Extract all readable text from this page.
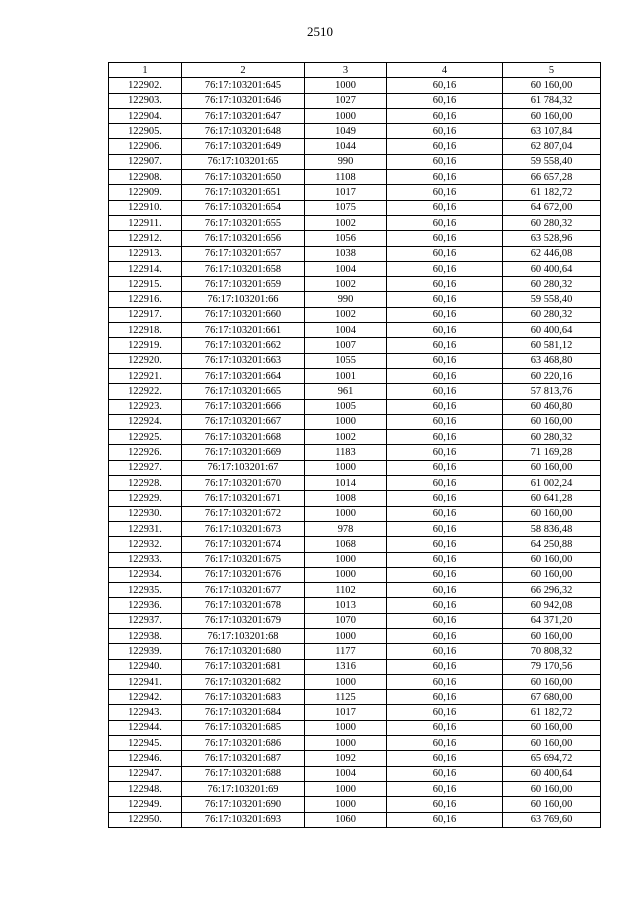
2510
1	2	3	4	5
122902.	76:17:103201:645	1000	60,16	60 160,00
122903.	76:17:103201:646	1027	60,16	61 784,32
122904.	76:17:103201:647	1000	60,16	60 160,00
122905.	76:17:103201:648	1049	60,16	63 107,84
122906.	76:17:103201:649	1044	60,16	62 807,04
122907.	76:17:103201:65	990	60,16	59 558,40
122908.	76:17:103201:650	1108	60,16	66 657,28
122909.	76:17:103201:651	1017	60,16	61 182,72
122910.	76:17:103201:654	1075	60,16	64 672,00
122911.	76:17:103201:655	1002	60,16	60 280,32
122912.	76:17:103201:656	1056	60,16	63 528,96
122913.	76:17:103201:657	1038	60,16	62 446,08
122914.	76:17:103201:658	1004	60,16	60 400,64
122915.	76:17:103201:659	1002	60,16	60 280,32
122916.	76:17:103201:66	990	60,16	59 558,40
122917.	76:17:103201:660	1002	60,16	60 280,32
122918.	76:17:103201:661	1004	60,16	60 400,64
122919.	76:17:103201:662	1007	60,16	60 581,12
122920.	76:17:103201:663	1055	60,16	63 468,80
122921.	76:17:103201:664	1001	60,16	60 220,16
122922.	76:17:103201:665	961	60,16	57 813,76
122923.	76:17:103201:666	1005	60,16	60 460,80
122924.	76:17:103201:667	1000	60,16	60 160,00
122925.	76:17:103201:668	1002	60,16	60 280,32
122926.	76:17:103201:669	1183	60,16	71 169,28
122927.	76:17:103201:67	1000	60,16	60 160,00
122928.	76:17:103201:670	1014	60,16	61 002,24
122929.	76:17:103201:671	1008	60,16	60 641,28
122930.	76:17:103201:672	1000	60,16	60 160,00
122931.	76:17:103201:673	978	60,16	58 836,48
122932.	76:17:103201:674	1068	60,16	64 250,88
122933.	76:17:103201:675	1000	60,16	60 160,00
122934.	76:17:103201:676	1000	60,16	60 160,00
122935.	76:17:103201:677	1102	60,16	66 296,32
122936.	76:17:103201:678	1013	60,16	60 942,08
122937.	76:17:103201:679	1070	60,16	64 371,20
122938.	76:17:103201:68	1000	60,16	60 160,00
122939.	76:17:103201:680	1177	60,16	70 808,32
122940.	76:17:103201:681	1316	60,16	79 170,56
122941.	76:17:103201:682	1000	60,16	60 160,00
122942.	76:17:103201:683	1125	60,16	67 680,00
122943.	76:17:103201:684	1017	60,16	61 182,72
122944.	76:17:103201:685	1000	60,16	60 160,00
122945.	76:17:103201:686	1000	60,16	60 160,00
122946.	76:17:103201:687	1092	60,16	65 694,72
122947.	76:17:103201:688	1004	60,16	60 400,64
122948.	76:17:103201:69	1000	60,16	60 160,00
122949.	76:17:103201:690	1000	60,16	60 160,00
122950.	76:17:103201:693	1060	60,16	63 769,60
